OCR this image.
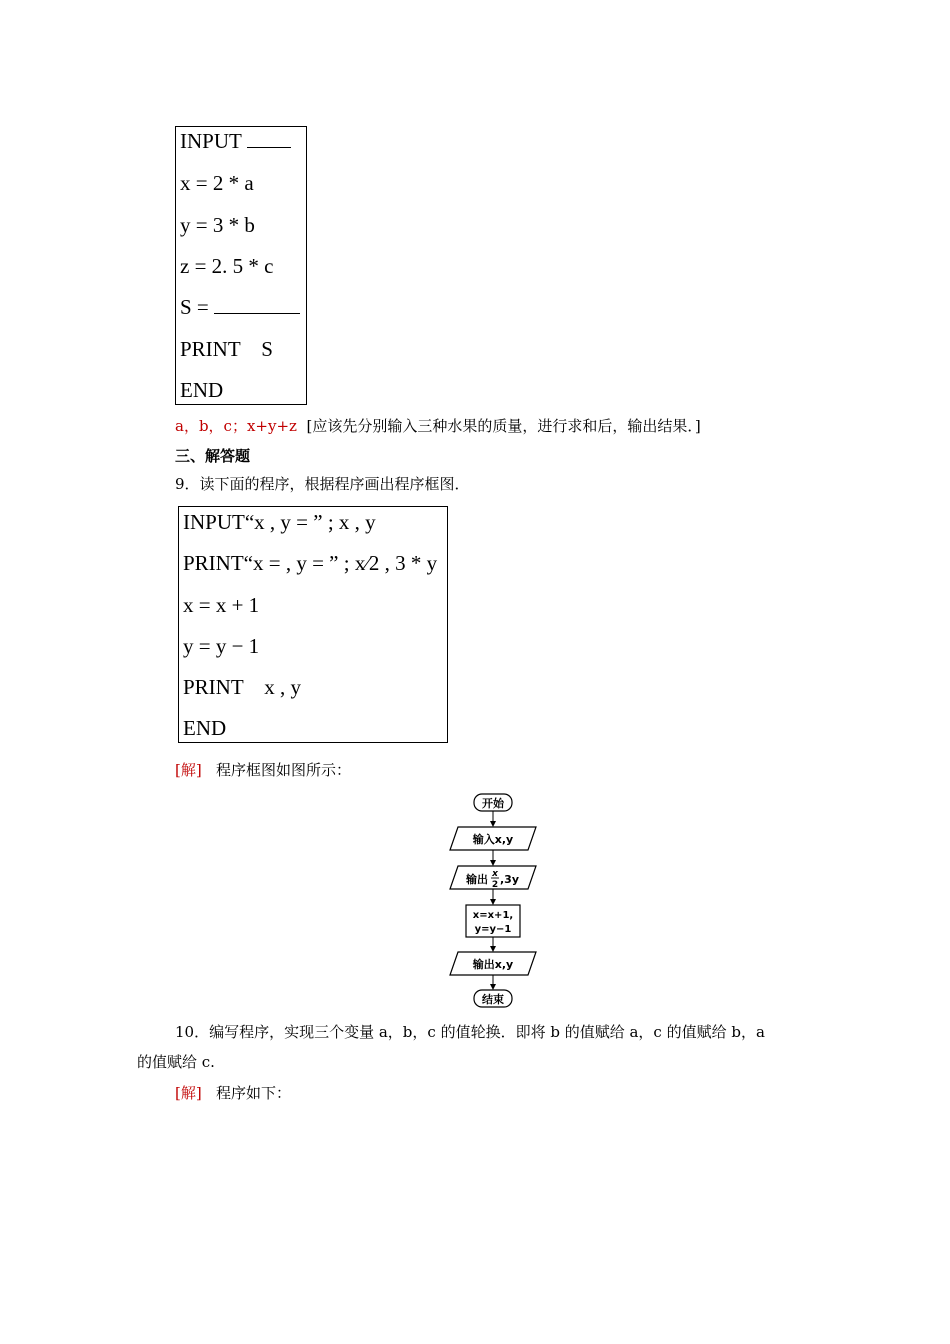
INPUT
x = 2 * a
y = 3 * b
z = 2. 5 * c
S =
PRINT    S
END
a，b，c；x+y+z [应该先分别输入三种水果的质量，进行求和后，输出结果．]
三、解答题
9．读下面的程序，根据程序画出程序框图．
INPUT“x , y = ” ; x , y
PRINT“x = , y = ” ; x∕2 , 3 * y
x = x + 1
y = y − 1
PRINT    x , y
END
[解] 程序框图如图所示：
开始
输入x,y
输出 x
2 ,3y
x=x+1,
y=y−1
输出x,y
结束
10．编写程序，实现三个变量 a，b，c 的值轮换．即将 b 的值赋给 a，c 的值赋给 b，a
的值赋给 c.
[解] 程序如下：
